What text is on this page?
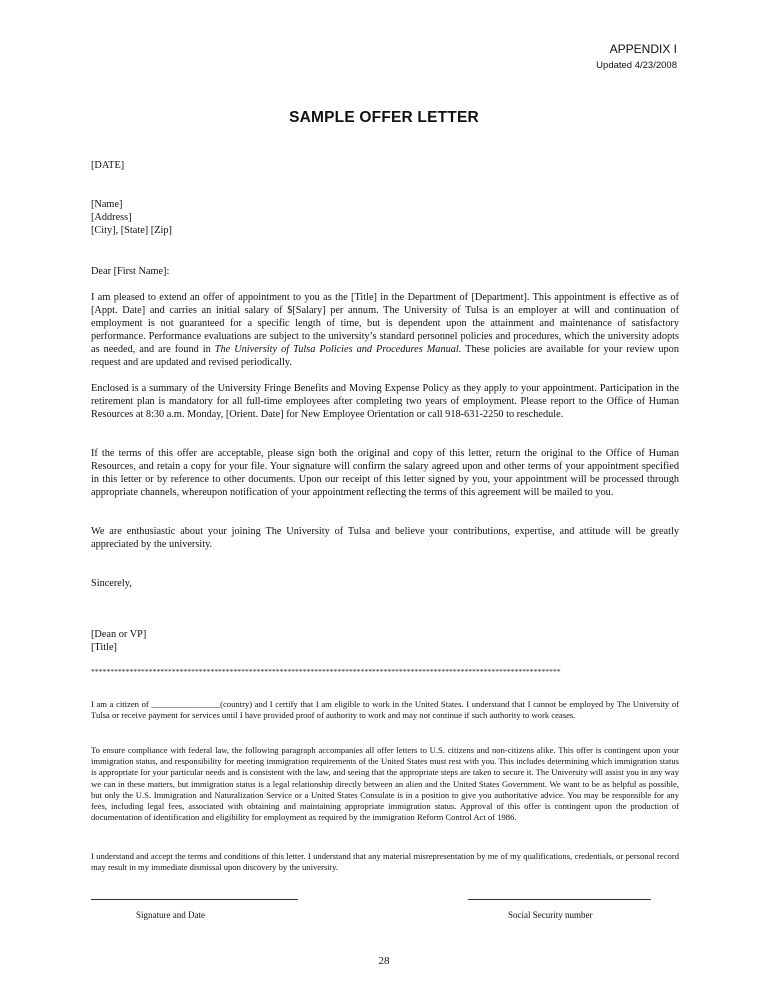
APPENDIX I
Updated 4/23/2008
SAMPLE OFFER LETTER
[DATE]
[Name]
[Address]
[City], [State] [Zip]
Dear [First Name]:
I am pleased to extend an offer of appointment to you as the [Title] in the Department of [Department]. This appointment is effective as of [Appt. Date] and carries an initial salary of $[Salary] per annum. The University of Tulsa is an employer at will and continuation of employment is not guaranteed for a specific length of time, but is dependent upon the attainment and maintenance of satisfactory performance. Performance evaluations are subject to the university’s standard personnel policies and procedures, which the university adopts as needed, and are found in The University of Tulsa Policies and Procedures Manual. These policies are available for your review upon request and are updated and revised periodically.
Enclosed is a summary of the University Fringe Benefits and Moving Expense Policy as they apply to your appointment. Participation in the retirement plan is mandatory for all full-time employees after completing two years of employment. Please report to the Office of Human Resources at 8:30 a.m. Monday, [Orient. Date] for New Employee Orientation or call 918-631-2250 to reschedule.
If the terms of this offer are acceptable, please sign both the original and copy of this letter, return the original to the Office of Human Resources, and retain a copy for your file. Your signature will confirm the salary agreed upon and other terms of your appointment specified in this letter or by reference to other documents. Upon our receipt of this letter signed by you, your appointment will be processed through appropriate channels, whereupon notification of your appointment reflecting the terms of this agreement will be mailed to you.
We are enthusiastic about your joining The University of Tulsa and believe your contributions, expertise, and attitude will be greatly appreciated by the university.
Sincerely,
[Dean or VP]
[Title]
**************************************************************************************************************************
I am a citizen of ________________(country) and I certify that I am eligible to work in the United States. I understand that I cannot be employed by The University of Tulsa or receive payment for services until I have provided proof of authority to work and may not continue if such authority to work ceases.
To ensure compliance with federal law, the following paragraph accompanies all offer letters to U.S. citizens and non-citizens alike. This offer is contingent upon your immigration status, and responsibility for meeting immigration requirements of the United States must rest with you. This includes determining which immigration status is appropriate for your particular needs and is consistent with the law, and seeing that the appropriate steps are taken to secure it. The University will assist you in any way we can in these matters, but immigration status is a legal relationship directly between an alien and the United States Government. We want to be as helpful as possible, but only the U.S. Immigration and Naturalization Service or a United States Consulate is in a position to give you authoritative advice. You may be responsible for any fees, including legal fees, associated with obtaining and maintaining appropriate immigration status. Approval of this offer is contingent upon the production of documentation of identification and eligibility for employment as required by the immigration Reform Control Act of 1986.
I understand and accept the terms and conditions of this letter. I understand that any material misrepresentation by me of my qualifications, credentials, or personal record may result in my immediate dismissal upon discovery by the university.
Signature and Date	Social Security number
28
